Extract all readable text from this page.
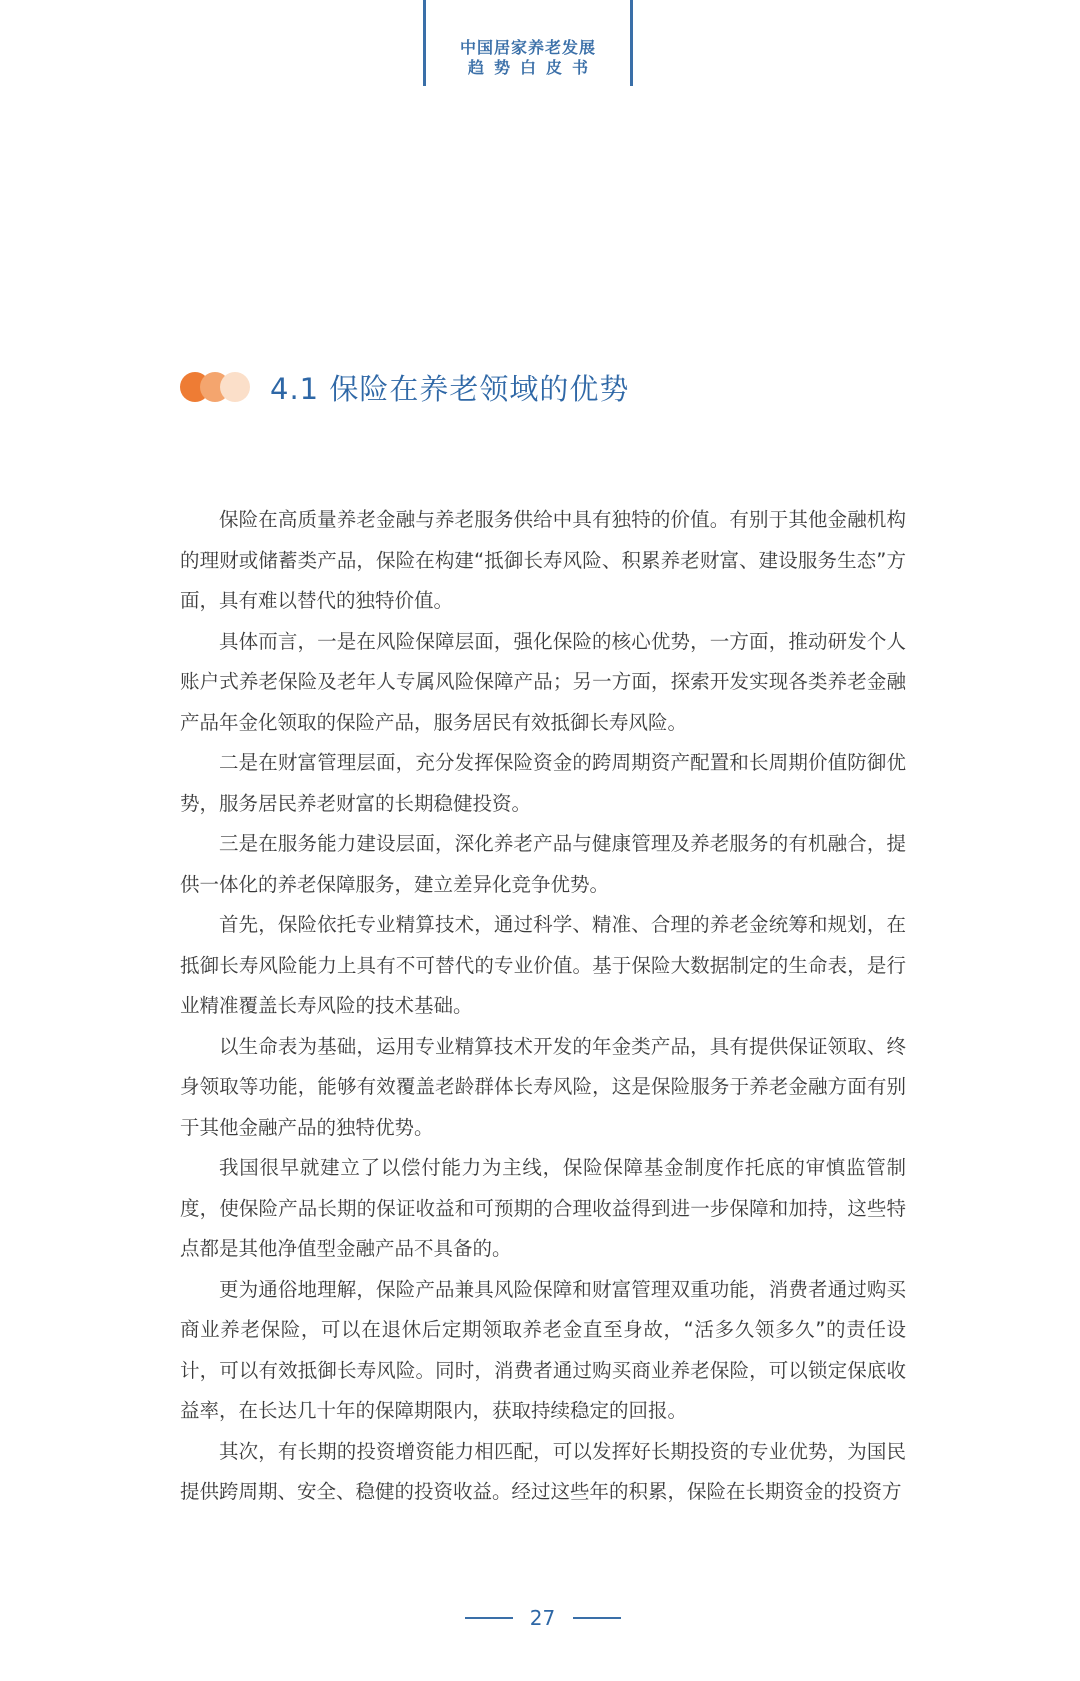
中国居家养老发展
趋势白皮书
4.1 保险在养老领域的优势

保险在高质量养老金融与养老服务供给中具有独特的价值。有别于其他金融机构的理财或储蓄类产品，保险在构建“抵御长寿风险、积累养老财富、建设服务生态”方面，具有难以替代的独特价值。

具体而言，一是在风险保障层面，强化保险的核心优势，一方面，推动研发个人账户式养老保险及老年人专属风险保障产品；另一方面，探索开发实现各类养老金融产品年金化领取的保险产品，服务居民有效抵御长寿风险。

二是在财富管理层面，充分发挥保险资金的跨周期资产配置和长周期价值防御优势，服务居民养老财富的长期稳健投资。

三是在服务能力建设层面，深化养老产品与健康管理及养老服务的有机融合，提供一体化的养老保障服务，建立差异化竞争优势。

首先，保险依托专业精算技术，通过科学、精准、合理的养老金统筹和规划，在抵御长寿风险能力上具有不可替代的专业价值。基于保险大数据制定的生命表，是行业精准覆盖长寿风险的技术基础。

以生命表为基础，运用专业精算技术开发的年金类产品，具有提供保证领取、终身领取等功能，能够有效覆盖老龄群体长寿风险，这是保险服务于养老金融方面有别于其他金融产品的独特优势。

我国很早就建立了以偿付能力为主线，保险保障基金制度作托底的审慎监管制度，使保险产品长期的保证收益和可预期的合理收益得到进一步保障和加持，这些特点都是其他净值型金融产品不具备的。

更为通俗地理解，保险产品兼具风险保障和财富管理双重功能，消费者通过购买商业养老保险，可以在退休后定期领取养老金直至身故，“活多久领多久”的责任设计，可以有效抵御长寿风险。同时，消费者通过购买商业养老保险，可以锁定保底收益率，在长达几十年的保障期限内，获取持续稳定的回报。

其次，有长期的投资增资能力相匹配，可以发挥好长期投资的专业优势，为国民提供跨周期、安全、稳健的投资收益。经过这些年的积累，保险在长期资金的投资方

27
